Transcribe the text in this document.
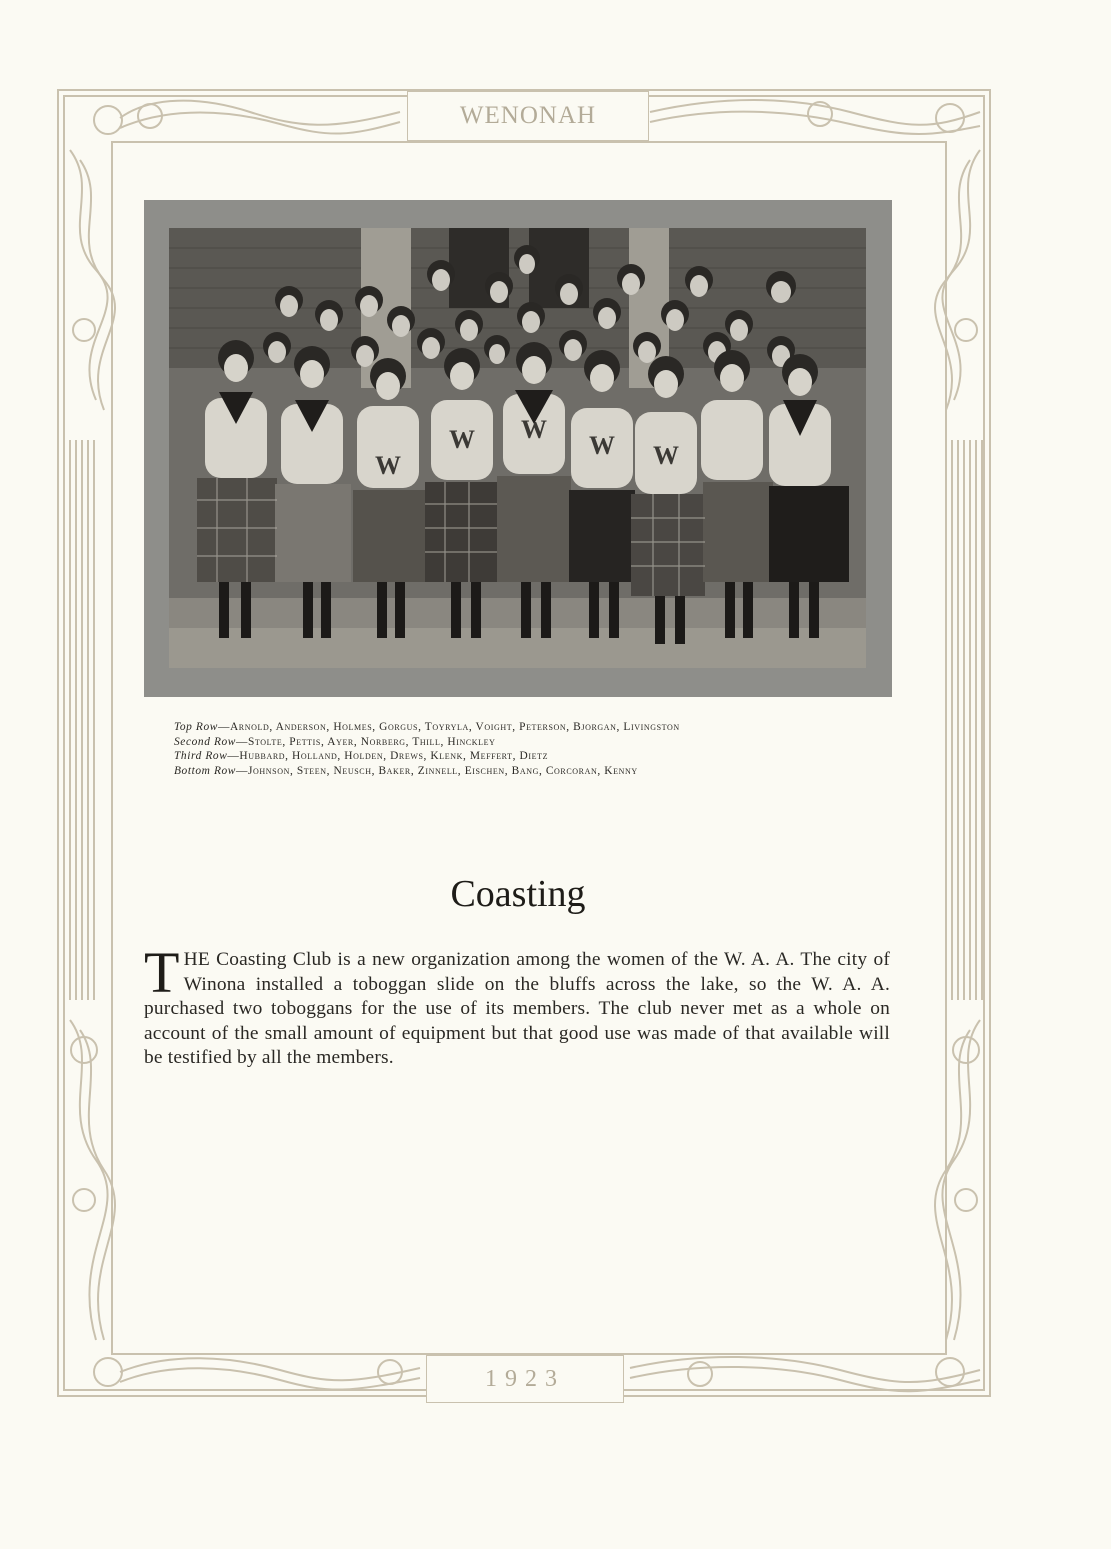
WENONAH
W
W W
W W
Top Row—Arnold, Anderson, Holmes, Gorgus, Toyryla, Voight, Peterson, Bjorgan, Livingston
Second Row—Stolte, Pettis, Ayer, Norberg, Thill, Hinckley
Third Row—Hubbard, Holland, Holden, Drews, Klenk, Meffert, Dietz
Bottom Row—Johnson, Steen, Neusch, Baker, Zinnell, Eischen, Bang, Corcoran, Kenny
Coasting

THE Coasting Club is a new organization among the women of the W. A. A. The city of Winona installed a toboggan slide on the bluffs across the lake, so the W. A. A. purchased two toboggans for the use of its members. The club never met as a whole on account of the small amount of equipment but that good use was made of that available will be testified by all the members.

1923
